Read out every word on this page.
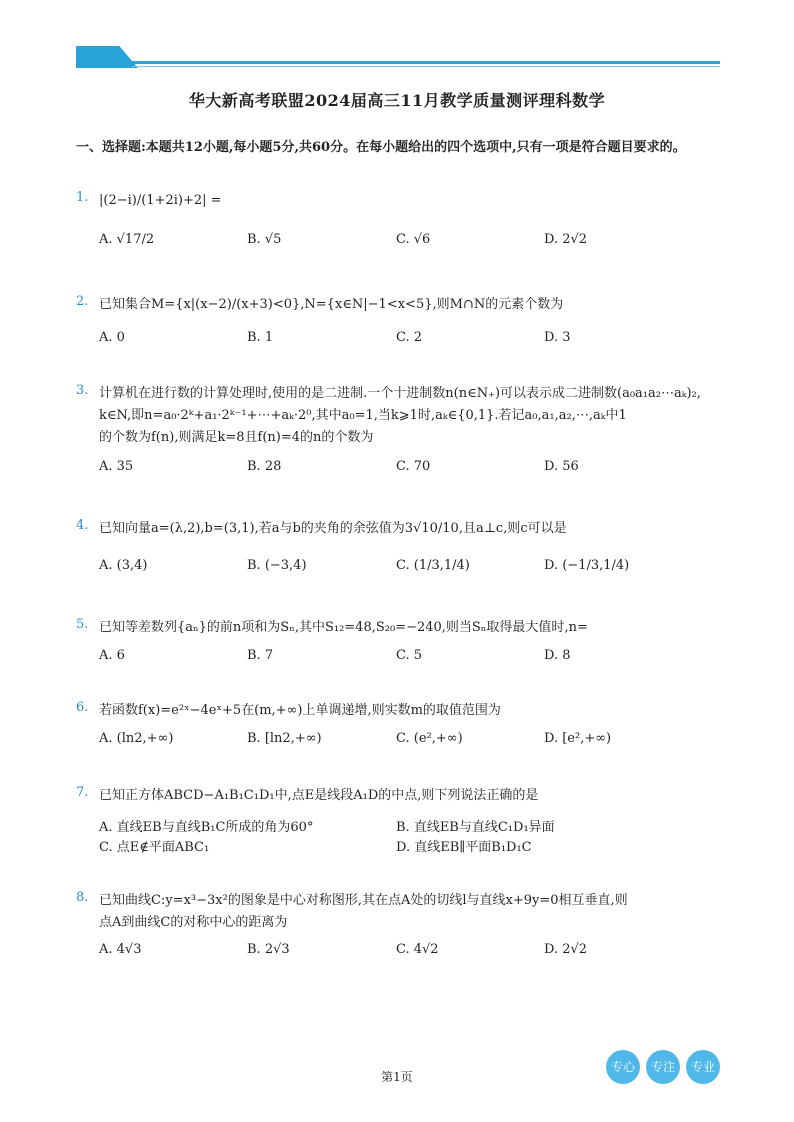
华大新高考联盟2024届高三11月教学质量测评理科数学
一、选择题:本题共12小题,每小题5分,共60分。在每小题给出的四个选项中,只有一项是符合题目要求的。
1. |(2−i)/(1+2i)+2| =
A. √17/2	B. √5	C. √6	D. 2√2
2. 已知集合M={x|(x−2)/(x+3)<0},N={x∈N|−1<x<5},则M∩N的元素个数为
A. 0	B. 1	C. 2	D. 3
3. 计算机在进行数的计算处理时,使用的是二进制.一个十进制数n(n∈N₊)可以表示成二进制数(a₀a₁a₂⋯aₖ)₂,
k∈N,即n=a₀·2ᵏ+a₁·2ᵏ⁻¹+⋯+aₖ·2⁰,其中a₀=1,当k⩾1时,aₖ∈{0,1}.若记a₀,a₁,a₂,⋯,aₖ中1
的个数为f(n),则满足k=8且f(n)=4的n的个数为
A. 35	B. 28	C. 70	D. 56
4. 已知向量a=(λ,2),b=(3,1),若a与b的夹角的余弦值为3√10/10,且a⊥c,则c可以是
A. (3,4)	B. (−3,4)	C. (1/3,1/4)	D. (−1/3,1/4)
5. 已知等差数列{aₙ}的前n项和为Sₙ,其中S₁₂=48,S₂₀=−240,则当Sₙ取得最大值时,n=
A. 6	B. 7	C. 5	D. 8
6. 若函数f(x)=e²ˣ−4eˣ+5在(m,+∞)上单调递增,则实数m的取值范围为
A. (ln2,+∞)	B. [ln2,+∞)	C. (e²,+∞)	D. [e²,+∞)
7. 已知正方体ABCD−A₁B₁C₁D₁中,点E是线段A₁D的中点,则下列说法正确的是
A. 直线EB与直线B₁C所成的角为60°	B. 直线EB与直线C₁D₁异面
C. 点E∉平面ABC₁	D. 直线EB∥平面B₁D₁C
8. 已知曲线C:y=x³−3x²的图象是中心对称图形,其在点A处的切线l与直线x+9y=0相互垂直,则
点A到曲线C的对称中心的距离为
A. 4√3	B. 2√3	C. 4√2	D. 2√2
第1页
专心	专注	专业
